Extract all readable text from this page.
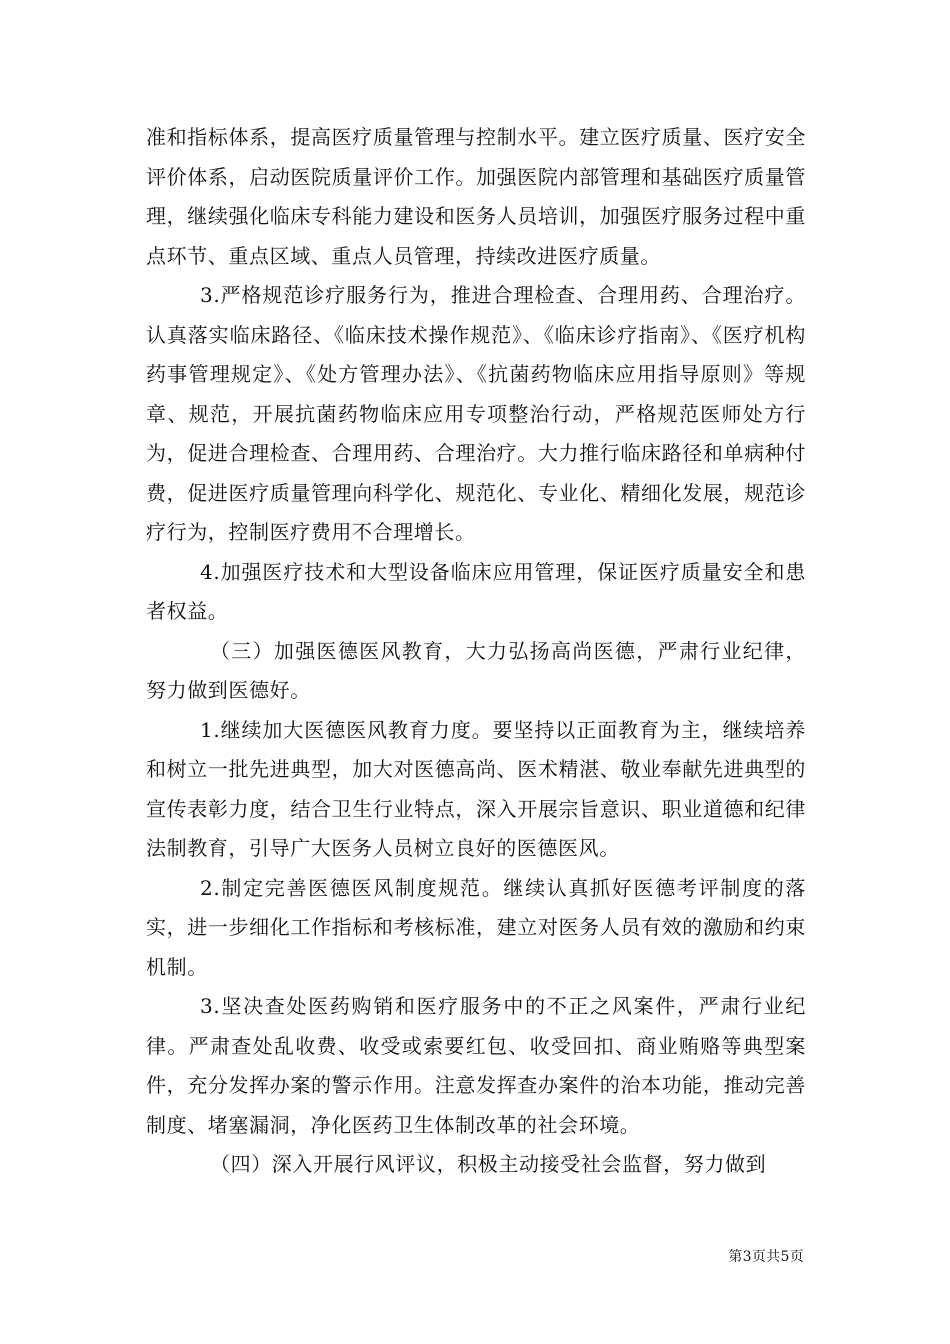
准和指标体系，提高医疗质量管理与控制水平。建立医疗质量、医疗安全评价体系，启动医院质量评价工作。加强医院内部管理和基础医疗质量管理，继续强化临床专科能力建设和医务人员培训，加强医疗服务过程中重点环节、重点区域、重点人员管理，持续改进医疗质量。

3.严格规范诊疗服务行为，推进合理检查、合理用药、合理治疗。认真落实临床路径、《临床技术操作规范》、《临床诊疗指南》、《医疗机构药事管理规定》、《处方管理办法》、《抗菌药物临床应用指导原则》等规章、规范，开展抗菌药物临床应用专项整治行动，严格规范医师处方行为，促进合理检查、合理用药、合理治疗。大力推行临床路径和单病种付费，促进医疗质量管理向科学化、规范化、专业化、精细化发展，规范诊疗行为，控制医疗费用不合理增长。

4.加强医疗技术和大型设备临床应用管理，保证医疗质量安全和患者权益。

（三）加强医德医风教育，大力弘扬高尚医德，严肃行业纪律，努力做到医德好。

1.继续加大医德医风教育力度。要坚持以正面教育为主，继续培养和树立一批先进典型，加大对医德高尚、医术精湛、敬业奉献先进典型的宣传表彰力度，结合卫生行业特点，深入开展宗旨意识、职业道德和纪律法制教育，引导广大医务人员树立良好的医德医风。

2.制定完善医德医风制度规范。继续认真抓好医德考评制度的落实，进一步细化工作指标和考核标准，建立对医务人员有效的激励和约束机制。

3.坚决查处医药购销和医疗服务中的不正之风案件，严肃行业纪律。严肃查处乱收费、收受或索要红包、收受回扣、商业贿赂等典型案件，充分发挥办案的警示作用。注意发挥查办案件的治本功能，推动完善制度、堵塞漏洞，净化医药卫生体制改革的社会环境。

（四）深入开展行风评议，积极主动接受社会监督，努力做到

第3页共5页
